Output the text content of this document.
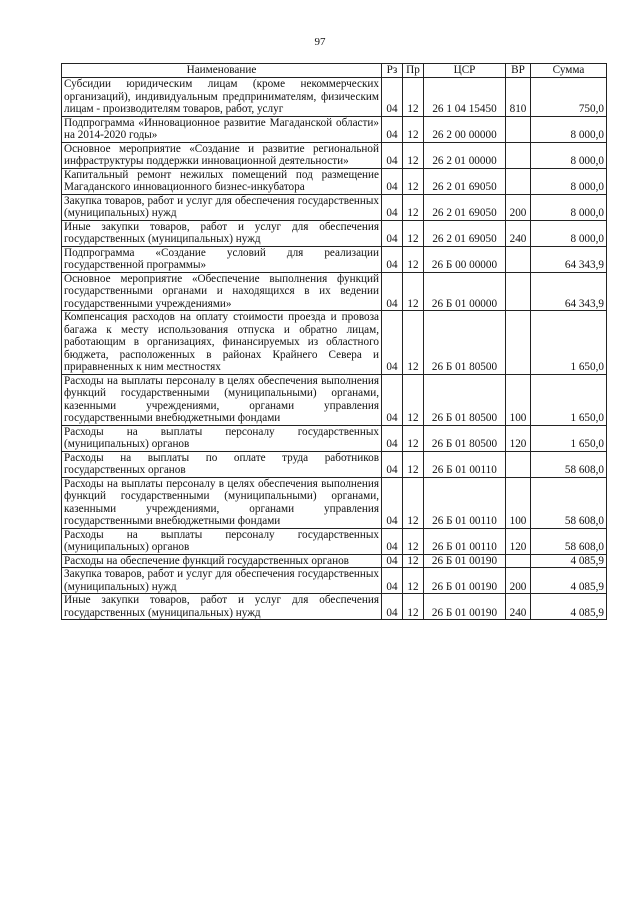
97
Наименование	Рз	Пр	ЦСР	ВР	Сумма
Субсидии юридическим лицам (кроме некоммерческих организаций), индивидуальным предпринимателям, физическим лицам - производителям товаров, работ, услуг	04	12	26 1 04 15450	810	750,0
Подпрограмма «Инновационное развитие Магаданской области» на 2014-2020 годы»	04	12	26 2 00 00000		8 000,0
Основное мероприятие «Создание и развитие региональной инфраструктуры поддержки инновационной деятельности»	04	12	26 2 01 00000		8 000,0
Капитальный ремонт нежилых помещений под размещение Магаданского инновационного бизнес-инкубатора	04	12	26 2 01 69050		8 000,0
Закупка товаров, работ и услуг для обеспечения государственных (муниципальных) нужд	04	12	26 2 01 69050	200	8 000,0
Иные закупки товаров, работ и услуг для обеспечения государственных (муниципальных) нужд	04	12	26 2 01 69050	240	8 000,0
Подпрограмма «Создание условий для реализации государственной программы»	04	12	26 Б 00 00000		64 343,9
Основное мероприятие «Обеспечение выполнения функций государственными органами и находящихся в их ведении государственными учреждениями»	04	12	26 Б 01 00000		64 343,9
Компенсация расходов на оплату стоимости проезда и провоза багажа к месту использования отпуска и обратно лицам, работающим в организациях, финансируемых из областного бюджета, расположенных в районах Крайнего Севера и приравненных к ним местностях	04	12	26 Б 01 80500		1 650,0
Расходы на выплаты персоналу в целях обеспечения выполнения функций государственными (муниципальными) органами, казенными учреждениями, органами управления государственными внебюджетными фондами	04	12	26 Б 01 80500	100	1 650,0
Расходы на выплаты персоналу государственных (муниципальных) органов	04	12	26 Б 01 80500	120	1 650,0
Расходы на выплаты по оплате труда работников государственных органов	04	12	26 Б 01 00110		58 608,0
Расходы на выплаты персоналу в целях обеспечения выполнения функций государственными (муниципальными) органами, казенными учреждениями, органами управления государственными внебюджетными фондами	04	12	26 Б 01 00110	100	58 608,0
Расходы на выплаты персоналу государственных (муниципальных) органов	04	12	26 Б 01 00110	120	58 608,0
Расходы на обеспечение функций государственных органов	04	12	26 Б 01 00190		4 085,9
Закупка товаров, работ и услуг для обеспечения государственных (муниципальных) нужд	04	12	26 Б 01 00190	200	4 085,9
Иные закупки товаров, работ и услуг для обеспечения государственных (муниципальных) нужд	04	12	26 Б 01 00190	240	4 085,9
